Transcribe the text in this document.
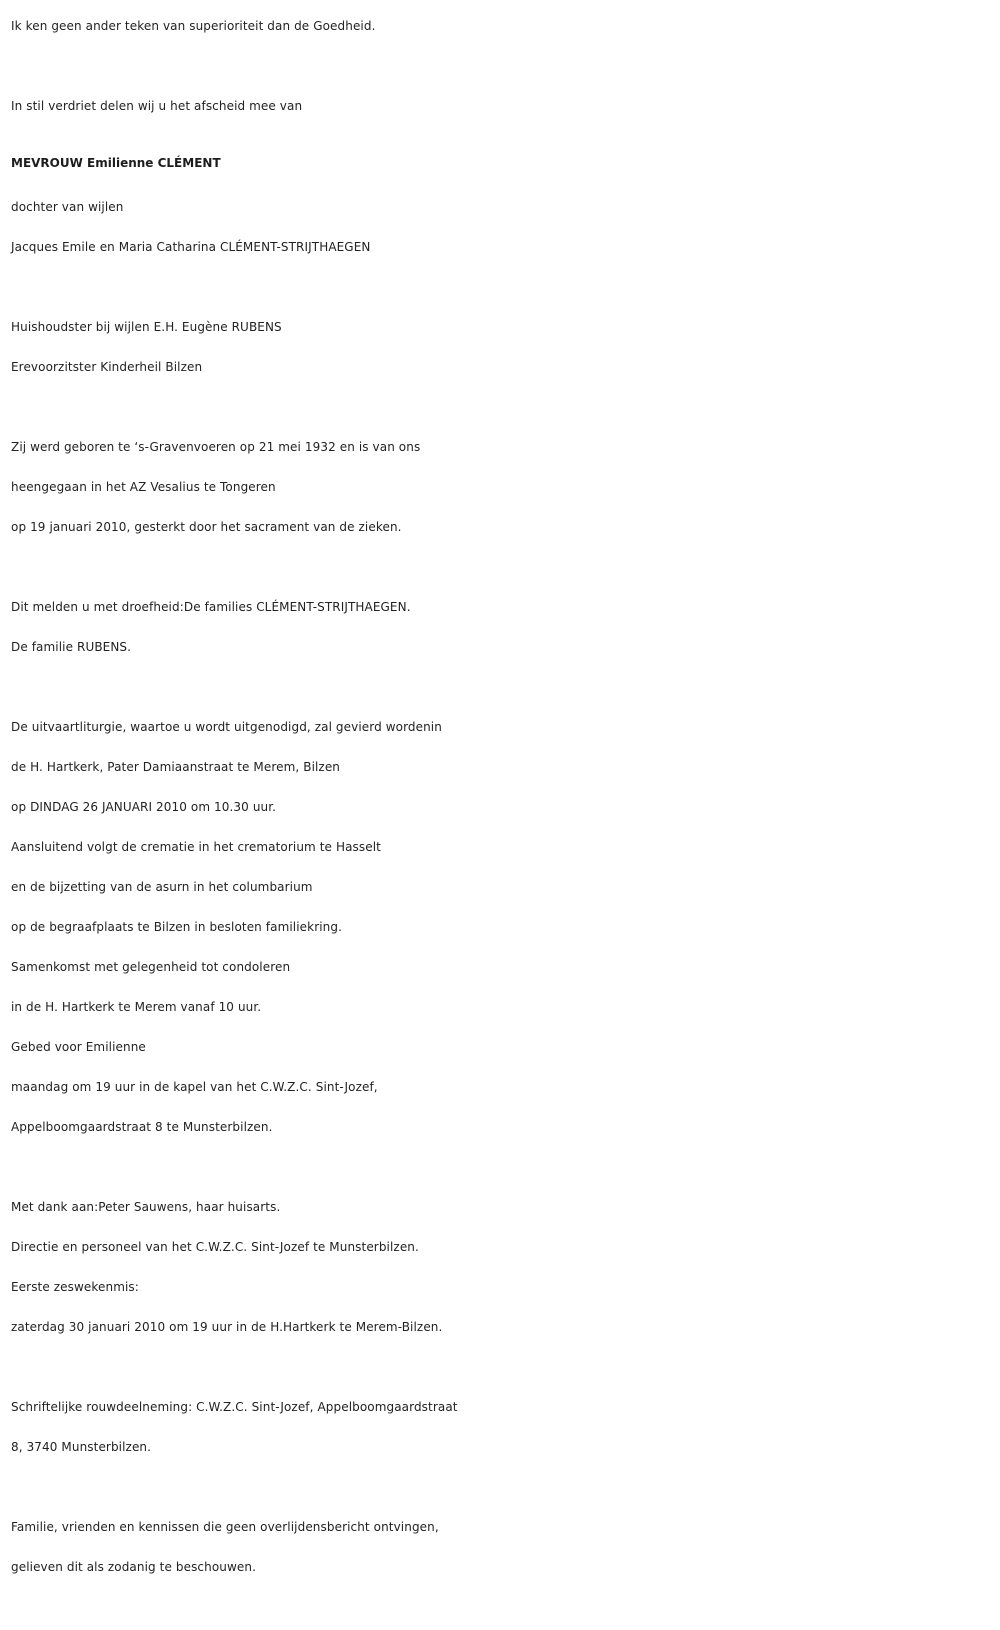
Ik ken geen ander teken van superioriteit dan de Goedheid.
In stil verdriet delen wij u het afscheid mee van
MEVROUW Emilienne CLÉMENT
dochter van wijlen
Jacques Emile en Maria Catharina CLÉMENT-STRIJTHAEGEN
Huishoudster bij wijlen E.H. Eugène RUBENS
Erevoorzitster Kinderheil Bilzen
Zij werd geboren te ‘s-Gravenvoeren op 21 mei 1932 en is van ons
heengegaan in het AZ Vesalius te Tongeren
op 19 januari 2010, gesterkt door het sacrament van de zieken.
Dit melden u met droefheid:De families CLÉMENT-STRIJTHAEGEN.
De familie RUBENS.
De uitvaartliturgie, waartoe u wordt uitgenodigd, zal gevierd wordenin
de H. Hartkerk, Pater Damiaanstraat te Merem, Bilzen
op DINDAG 26 JANUARI 2010 om 10.30 uur.
Aansluitend volgt de crematie in het crematorium te Hasselt
en de bijzetting van de asurn in het columbarium
op de begraafplaats te Bilzen in besloten familiekring.
Samenkomst met gelegenheid tot condoleren
in de H. Hartkerk te Merem vanaf 10 uur.
Gebed voor Emilienne
maandag om 19 uur in de kapel van het C.W.Z.C. Sint-Jozef,
Appelboomgaardstraat 8 te Munsterbilzen.
Met dank aan:Peter Sauwens, haar huisarts.
Directie en personeel van het C.W.Z.C. Sint-Jozef te Munsterbilzen.
Eerste zeswekenmis:
zaterdag 30 januari 2010 om 19 uur in de H.Hartkerk te Merem-Bilzen.
Schriftelijke rouwdeelneming: C.W.Z.C. Sint-Jozef, Appelboomgaardstraat
8, 3740 Munsterbilzen.
Familie, vrienden en kennissen die geen overlijdensbericht ontvingen,
gelieven dit als zodanig te beschouwen.
